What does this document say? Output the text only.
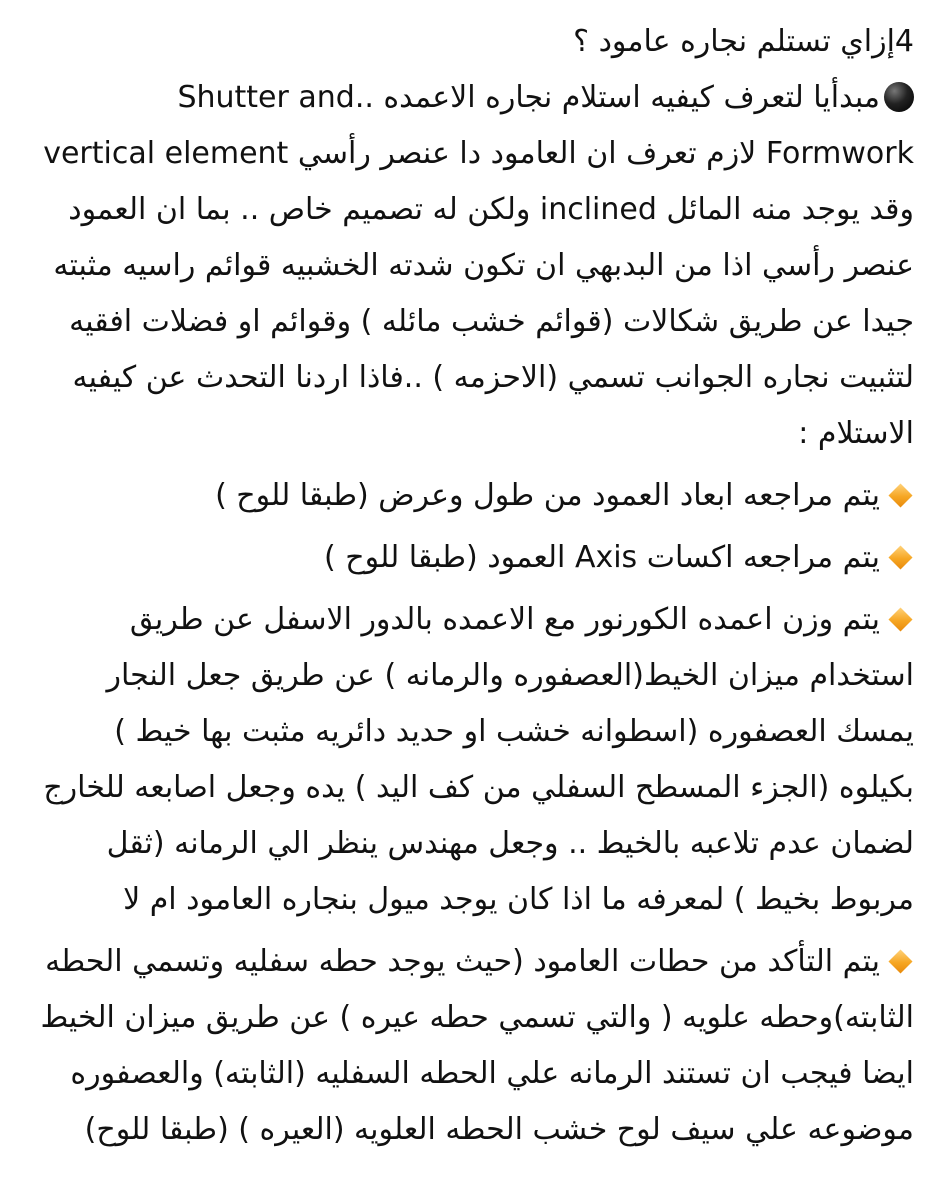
4إزاي تستلم نجاره عامود ؟
مبدأيا لتعرف كيفيه استلام نجاره الاعمده ..Shutter and Formwork لازم تعرف ان العامود دا عنصر رأسي vertical element وقد يوجد منه المائل inclined ولكن له تصميم خاص .. بما ان العمود عنصر رأسي اذا من البدبهي ان تكون شدته الخشبيه قوائم راسيه مثبته جيدا عن طريق شكالات (قوائم خشب مائله ) وقوائم او فضلات افقيه لتثبيت نجاره الجوانب تسمي (الاحزمه ) ..فاذا اردنا التحدث عن كيفيه الاستلام :
يتم مراجعه ابعاد العمود من طول وعرض (طبقا للوح )
يتم مراجعه اكسات Axis العمود (طبقا للوح )
يتم وزن اعمده الكورنور مع الاعمده بالدور الاسفل عن طريق استخدام ميزان الخيط(العصفوره والرمانه ) عن طريق جعل النجار يمسك العصفوره (اسطوانه خشب او حديد دائريه مثبت بها خيط ) بكيلوه (الجزء المسطح السفلي من كف اليد ) يده وجعل اصابعه للخارج لضمان عدم تلاعبه بالخيط .. وجعل مهندس ينظر الي الرمانه (ثقل مربوط بخيط ) لمعرفه ما اذا كان يوجد ميول بنجاره العامود ام لا
يتم التأكد من حطات العامود (حيث يوجد حطه سفليه وتسمي الحطه الثابته)وحطه علويه ( والتي تسمي حطه عيره ) عن طريق ميزان الخيط ايضا فيجب ان تستند الرمانه علي الحطه السفليه (الثابته) والعصفوره موضوعه علي سيف لوح خشب الحطه العلويه (العيره ) (طبقا للوح)
